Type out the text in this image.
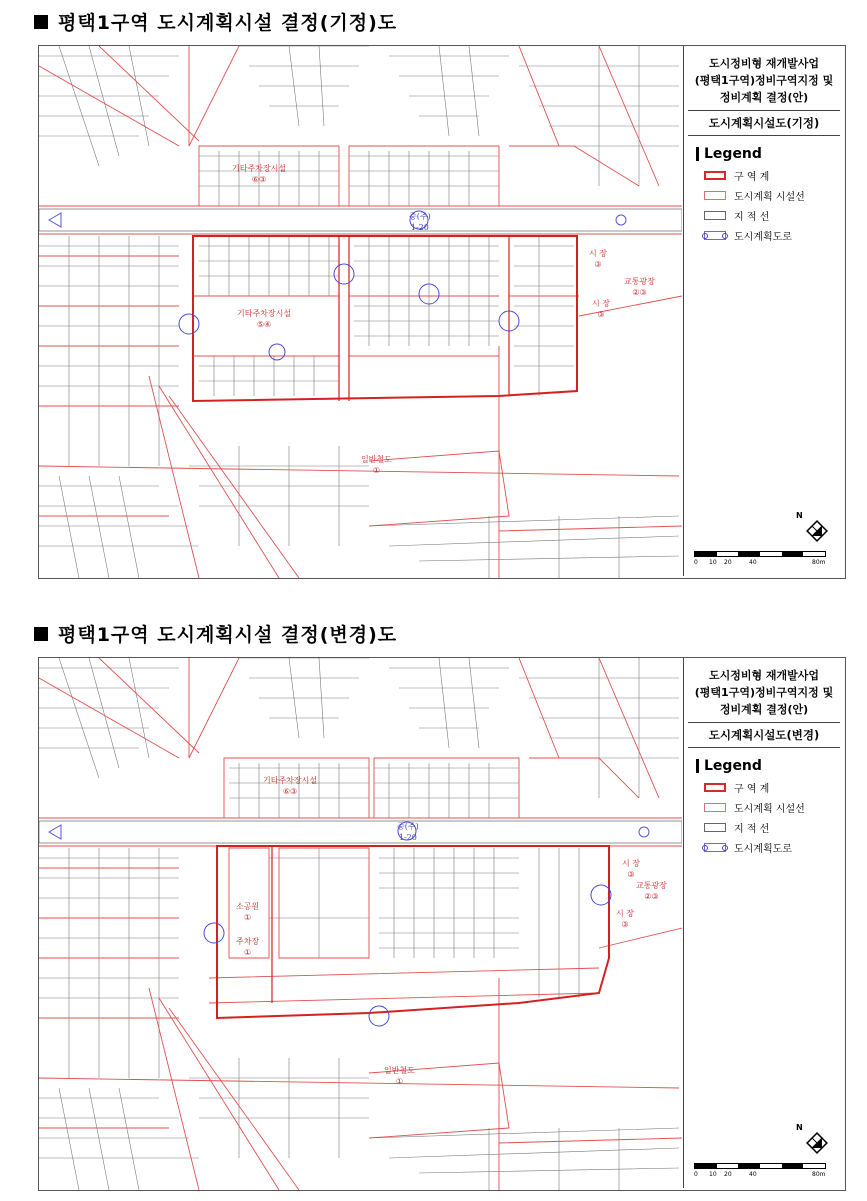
평택1구역 도시계획시설 결정(기정)도
기타주차장시설
⑥③
기타주차장시설
⑤④
시 장
③
시 장
③
교통광장
②③
일반철도
①
중(주)
1-20
도시정비형 재개발사업
(평택1구역)정비구역지정 및
정비계획 결정(안)
도시계획시설도(기정)
Legend
구 역 계
도시계획 시설선
지 적 선
도시계획도로
N
0 10 20	40	80m
평택1구역 도시계획시설 결정(변경)도
기타주차장시설
⑥③
소공원
①
주차장
①
시 장
③
교통광장
②③
시 장
③
일반철도
①
중(주)
1-20
도시정비형 재개발사업
(평택1구역)정비구역지정 및
정비계획 결정(안)
도시계획시설도(변경)
Legend
구 역 계
도시계획 시설선
지 적 선
도시계획도로
N
0 10 20	40	80m
